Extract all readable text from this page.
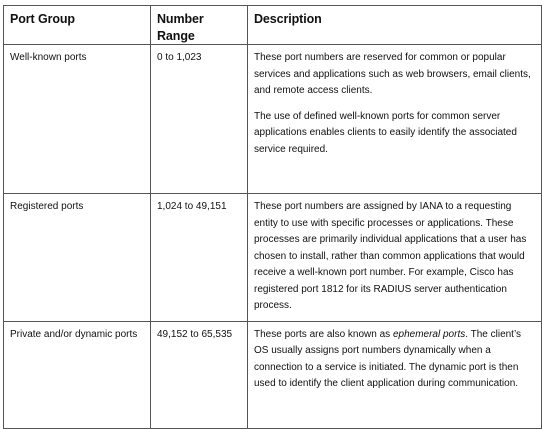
Port Group	Number Range	Description
Well-known ports	0 to 1,023	These port numbers are reserved for common or popular services and applications such as web browsers, email clients, and remote access clients.

The use of defined well-known ports for common server applications enables clients to easily identify the associated service required.

Registered ports	1,024 to 49,151	These port numbers are assigned by IANA to a requesting entity to use with specific processes or applications. These processes are primarily individual applications that a user has chosen to install, rather than common applications that would receive a well-known port number. For example, Cisco has registered port 1812 for its RADIUS server authentication process.

Private and/or dynamic ports	49,152 to 65,535	These ports are also known as ephemeral ports. The client’s OS usually assigns port numbers dynamically when a connection to a service is initiated. The dynamic port is then used to identify the client application during communication.
